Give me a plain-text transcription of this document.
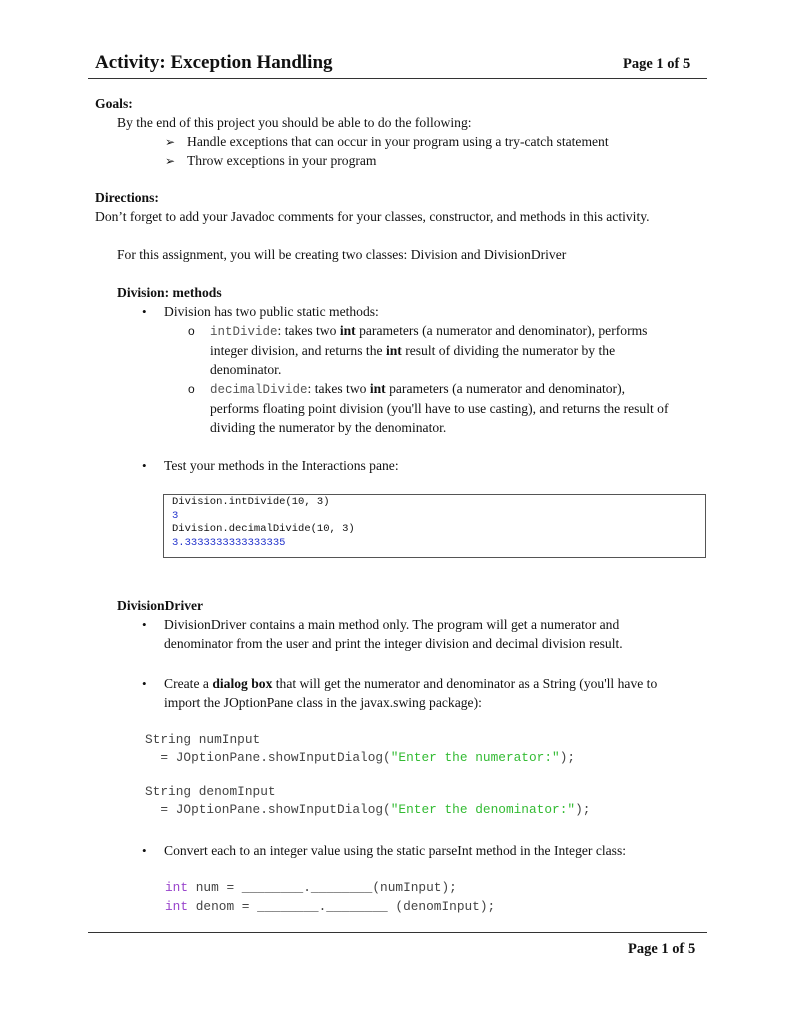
Activity: Exception Handling	Page 1 of 5
Goals:
By the end of this project you should be able to do the following:
➢ Handle exceptions that can occur in your program using a try-catch statement
➢ Throw exceptions in your program
Directions:
Don’t forget to add your Javadoc comments for your classes, constructor, and methods in this activity.
For this assignment, you will be creating two classes: Division and DivisionDriver
Division: methods
• Division has two public static methods:
o intDivide: takes two int parameters (a numerator and denominator), performs
integer division, and returns the int result of dividing the numerator by the
denominator.
o decimalDivide: takes two int parameters (a numerator and denominator),
performs floating point division (you'll have to use casting), and returns the result of
dividing the numerator by the denominator.
• Test your methods in the Interactions pane:
Division.intDivide(10, 3)
3
Division.decimalDivide(10, 3)
3.3333333333333335
DivisionDriver
• DivisionDriver contains a main method only. The program will get a numerator and
denominator from the user and print the integer division and decimal division result.
• Create a dialog box that will get the numerator and denominator as a String (you'll have to
import the JOptionPane class in the javax.swing package):
String numInput
= JOptionPane.showInputDialog("Enter the numerator:");
String denomInput
= JOptionPane.showInputDialog("Enter the denominator:");
• Convert each to an integer value using the static parseInt method in the Integer class:
int num = ________.________(numInput);
int denom = ________.________ (denomInput);
Page 1 of 5
